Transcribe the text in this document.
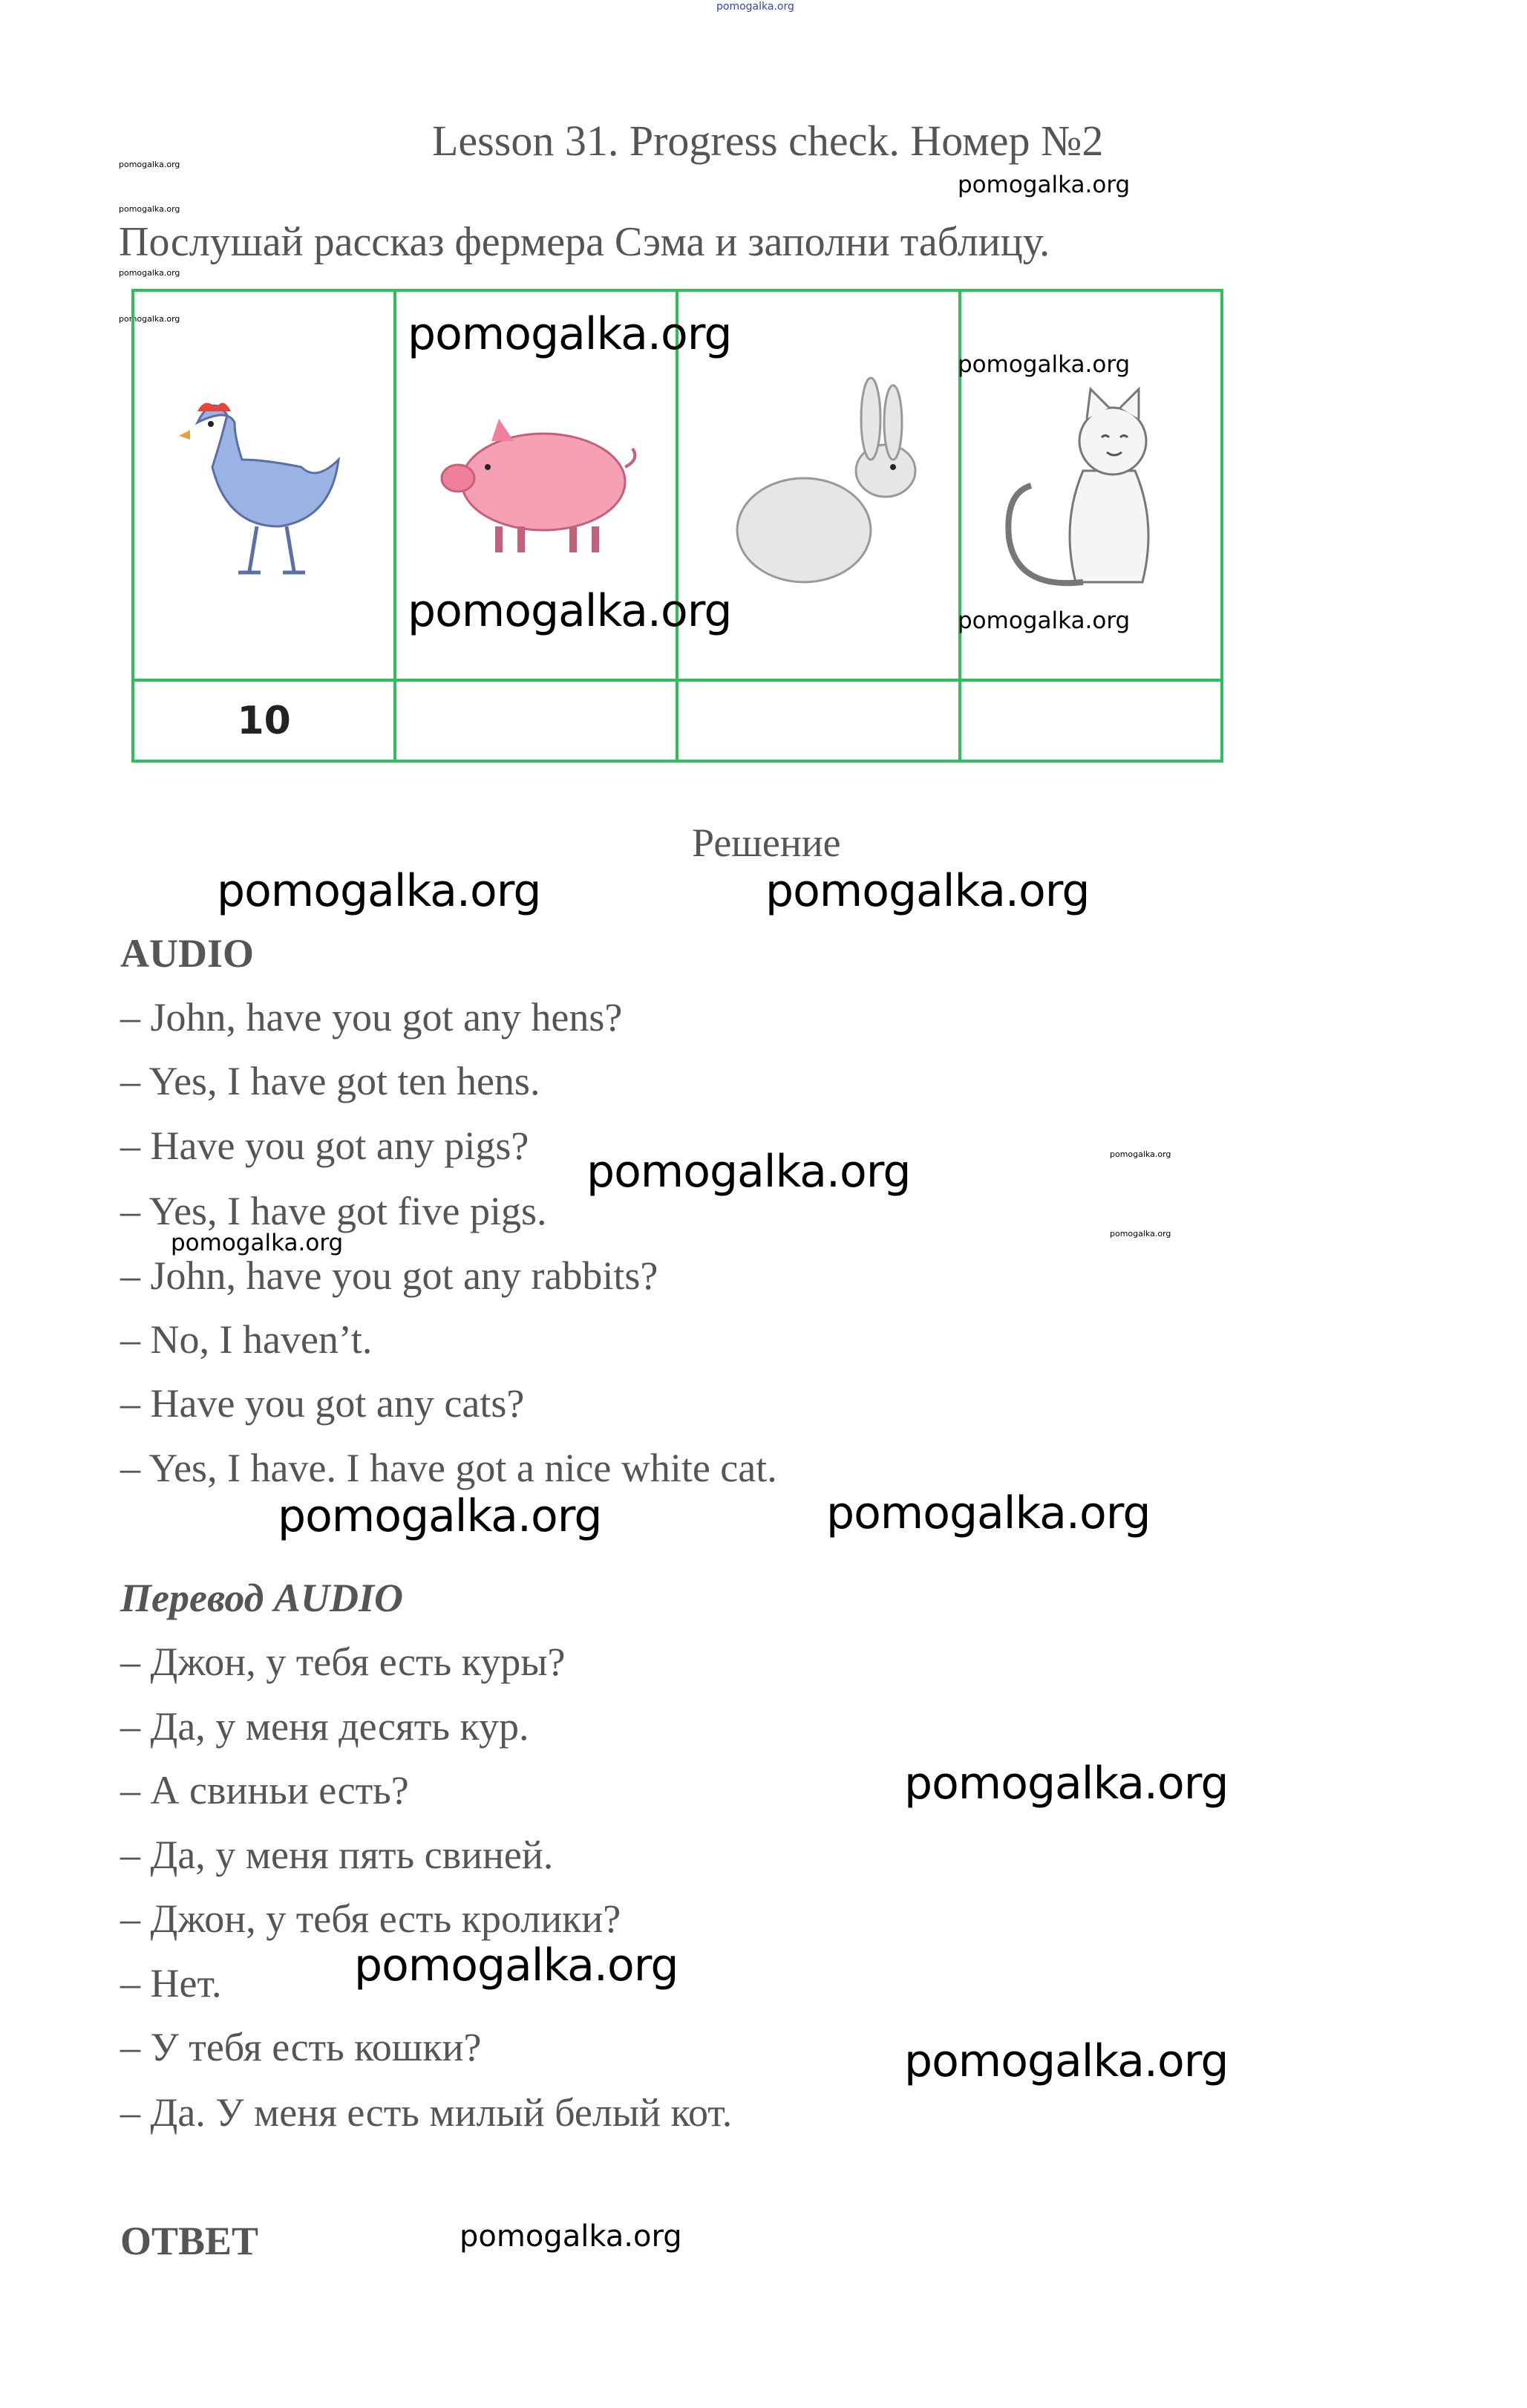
pomogalka.org
pomogalka.org
pomogalka.org
pomogalka.org
pomogalka.org
pomogalka.org
Lesson 31. Progress check. Номер №2
Послушай рассказ фермера Сэма и заполни таблицу.

10			
pomogalka.org
pomogalka.org
pomogalka.org	pomogalka.org
Решение
pomogalka.org	pomogalka.org
AUDIO
– John, have you got any hens?
– Yes, I have got ten hens.
– Have you got any pigs?
– Yes, I have got five pigs.
– John, have you got any rabbits?
– No, I haven’t.
– Have you got any cats?
– Yes, I have. I have got a nice white cat.
pomogalka.org	pomogalka.org
pomogalka.org
pomogalka.org
pomogalka.org	pomogalka.org
Перевод AUDIO
– Джон, у тебя есть куры?
– Да, у меня десять кур.
– А свиньи есть?
– Да, у меня пять свиней.
– Джон, у тебя есть кролики?
– Нет.
– У тебя есть кошки?
– Да. У меня есть милый белый кот.
pomogalka.org
pomogalka.org
pomogalka.org
ОТВЕТ	pomogalka.org
